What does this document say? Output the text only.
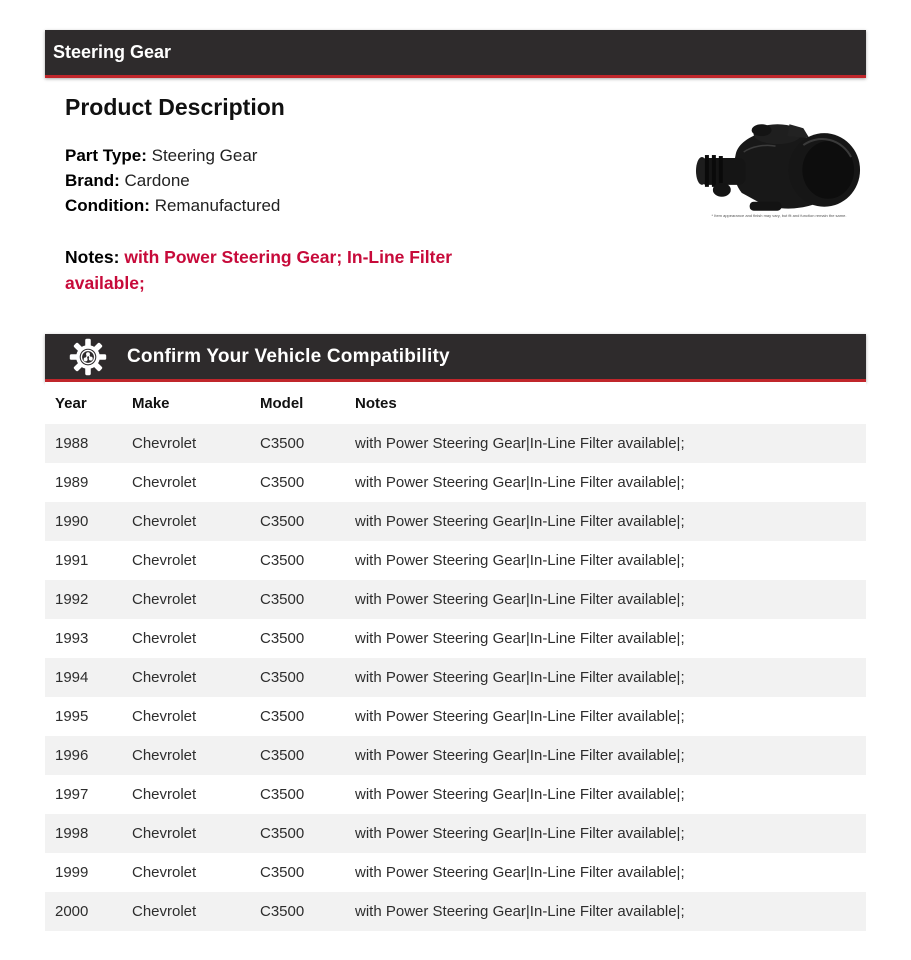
Steering Gear
Product Description
Part Type: Steering Gear
Brand: Cardone
Condition: Remanufactured
Notes: with Power Steering Gear; In-Line Filter available;
* Item appearance and finish may vary, but fit and function remain the same.
Confirm Your Vehicle Compatibility
Year	Make	Model	Notes
1988	Chevrolet	C3500	with Power Steering Gear|In-Line Filter available|;
1989	Chevrolet	C3500	with Power Steering Gear|In-Line Filter available|;
1990	Chevrolet	C3500	with Power Steering Gear|In-Line Filter available|;
1991	Chevrolet	C3500	with Power Steering Gear|In-Line Filter available|;
1992	Chevrolet	C3500	with Power Steering Gear|In-Line Filter available|;
1993	Chevrolet	C3500	with Power Steering Gear|In-Line Filter available|;
1994	Chevrolet	C3500	with Power Steering Gear|In-Line Filter available|;
1995	Chevrolet	C3500	with Power Steering Gear|In-Line Filter available|;
1996	Chevrolet	C3500	with Power Steering Gear|In-Line Filter available|;
1997	Chevrolet	C3500	with Power Steering Gear|In-Line Filter available|;
1998	Chevrolet	C3500	with Power Steering Gear|In-Line Filter available|;
1999	Chevrolet	C3500	with Power Steering Gear|In-Line Filter available|;
2000	Chevrolet	C3500	with Power Steering Gear|In-Line Filter available|;
